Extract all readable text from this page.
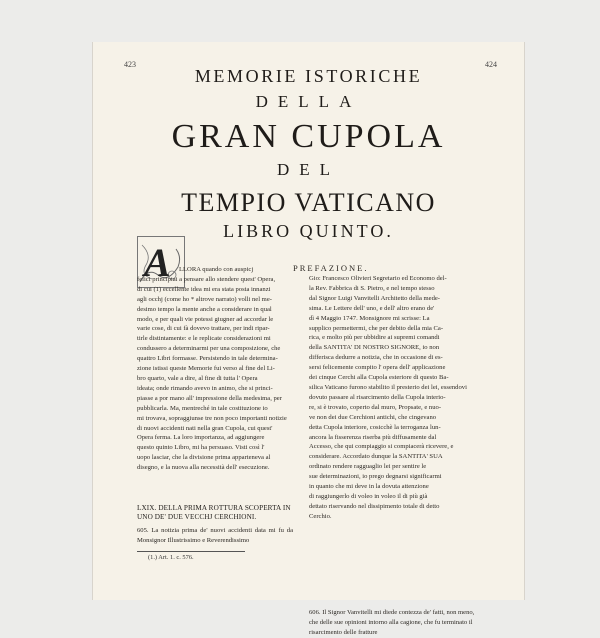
423	424
MEMORIE ISTORICHE
DELLA
GRAN CUPOLA
DEL
TEMPIO VATICANO
LIBRO QUINTO.
A	PREFAZIONE.

LLORA quando con auspicj

felici principiai a pensare allo stendere quest' Opera,

di cui (1) eccellente idea mi era stata posta innanzi

agli occhj (come ho * altrove narrato) volli nel me-

desimo tempo la mente anche a considerare in qual

modo, e per quali vie potessi giugner ad accordar le

varie cose, di cui fà dovevo trattare, per indi ripar-

tirle distintamente: e le replicate considerazioni mi

condussero a determinarmi per una composizione, che

quattro Libri formasse. Persistendo in tale determina-

zione istissi queste Memorie fui verso al fine del Li-

bro quarto, vale a dire, al fine di tutta l' Opera

ideata; onde rimando avevo in animo, che si princi-

piasse a por mano all' impressione della medesima, per

pubblicarla. Ma, mentreché in tale costituzione io

mi trovava, sopraggiunse tre non poco importanti notizie

di nuovi accidenti nati nella gran Cupola, cui quest'

Opera ferma. La loro importanza, ad aggiungere

questo quinto Libro, mi ha persuaso. Visti così l'

uopo lasciar, che la divisione prima apparteneva al

disegno, e la nuova alla necessità dell' esecuzione.

Gio: Francesco Olivieri Segretario ed Economo del-

la Rev. Fabbrica di S. Pietro, e nel tempo stesso

dal Signor Luigi Vanvitelli Architetto della mede-

sima. Le Lettere dell' uno, e dell' altro erano de'

dì 4 Maggio 1747. Monsignore mi scrisse: La

supplico permettermi, che per debito della mia Ca-

rica, e molto più per ubbidire ai supremi comandi

della SANTITA' DI NOSTRO SIGNORE, io non

differisca dedurre a notizia, che in occasione di es-

sersi felicemente compito l' opera dell' applicazione

dei cinque Cerchi alla Cupola esteriore di questo Ba-

silica Vaticano furono stabilito il presterio dei lei, essendovi

dovuto passare al risarcimento della Cupola interio-

re, si è trovato, coperto dal muro, Propsate, e nuo-

ve non dei due Cerchioni antichi, che cingevano

detta Cupola interiore, cosicchè la terroganza lun-

ancora la fisserenza riserba più diffusamente dal

Accesso, che qui compiaggio si compiacerà ricevere, e

considerare. Accordato dunque la SANTITA' SUA

ordinato rendere ragguaglio lei per sentire le

sue determinazioni, io prego degnarsi significarmi

in quanto che mi deve in la dovuta attenzione

di raggiungerlo di voleo in voleo il di più già

dettato riservando nel dissipimento totale di detto

Cerchio.

LXIX. DELLA PRIMA ROTTURA SCOPERTA IN UNO DE' DUE VECCHJ CERCHIONI.
605. La notizia prima de' nuovi accidenti data mi fu da Monsignor Illustrissimo e Reverendissimo
(1.) Art. 1. c. 576.
606. Il Signor Vanvitelli mi diede contezza de' fatti, non meno, che delle sue opinioni intorno alla cagione, che fu terminato il risarcimento delle fratture
